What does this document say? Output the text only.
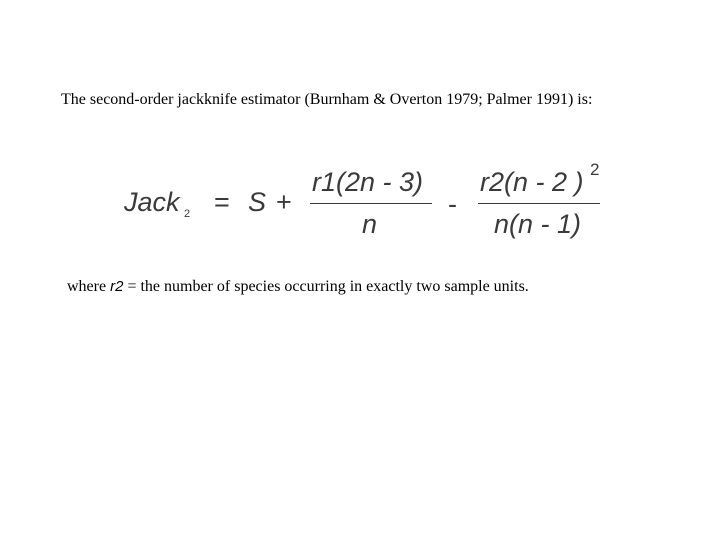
The second-order jackknife estimator (Burnham & Overton 1979; Palmer 1991) is:
Jack 2 = S +
r1(2n - 3)
n
-
r2(n - 2 ) 2
n(n - 1)
where r2 = the number of species occurring in exactly two sample units.
